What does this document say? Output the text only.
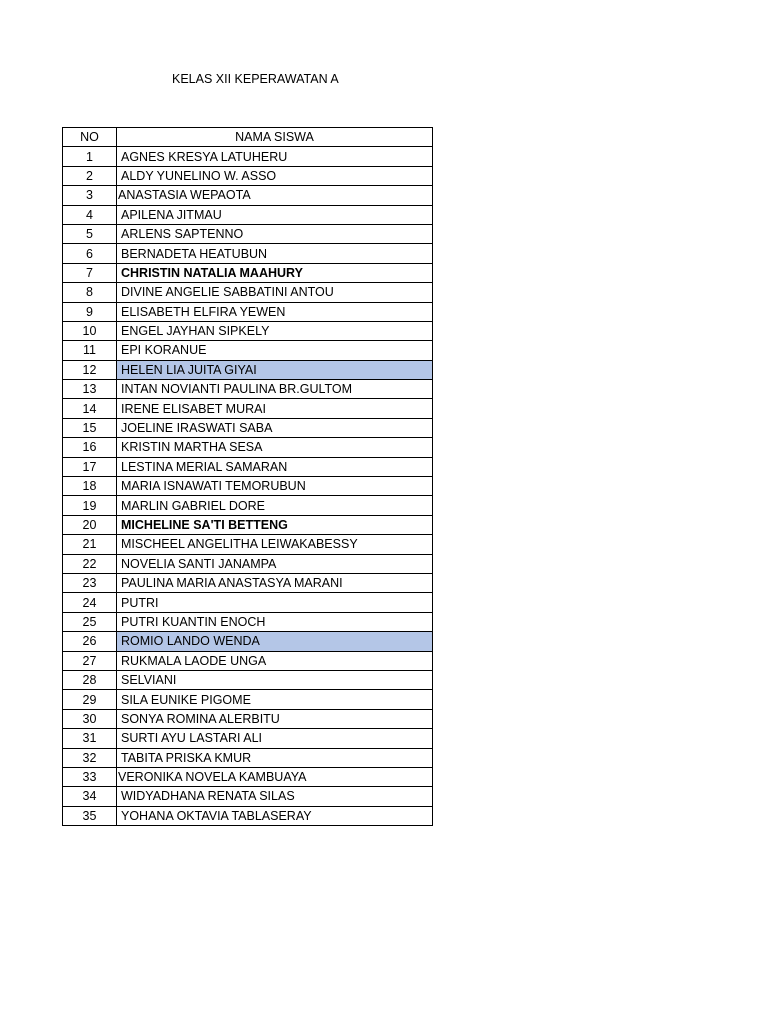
KELAS XII KEPERAWATAN A
NO	NAMA SISWA
1	AGNES KRESYA LATUHERU
2	ALDY YUNELINO W. ASSO
3	ANASTASIA WEPAOTA
4	APILENA JITMAU
5	ARLENS SAPTENNO
6	BERNADETA HEATUBUN
7	CHRISTIN NATALIA MAAHURY
8	DIVINE ANGELIE SABBATINI ANTOU
9	ELISABETH ELFIRA YEWEN
10	ENGEL JAYHAN SIPKELY
11	EPI KORANUE
12	HELEN LIA JUITA GIYAI
13	INTAN NOVIANTI PAULINA BR.GULTOM
14	IRENE ELISABET MURAI
15	JOELINE IRASWATI SABA
16	KRISTIN MARTHA SESA
17	LESTINA MERIAL SAMARAN
18	MARIA ISNAWATI TEMORUBUN
19	MARLIN GABRIEL DORE
20	MICHELINE SA'TI BETTENG
21	MISCHEEL ANGELITHA LEIWAKABESSY
22	NOVELIA SANTI JANAMPA
23	PAULINA MARIA ANASTASYA MARANI
24	PUTRI
25	PUTRI KUANTIN ENOCH
26	ROMIO LANDO WENDA
27	RUKMALA LAODE UNGA
28	SELVIANI
29	SILA EUNIKE PIGOME
30	SONYA ROMINA ALERBITU
31	SURTI AYU LASTARI ALI
32	TABITA PRISKA KMUR
33	VERONIKA NOVELA KAMBUAYA
34	WIDYADHANA RENATA SILAS
35	YOHANA OKTAVIA TABLASERAY
